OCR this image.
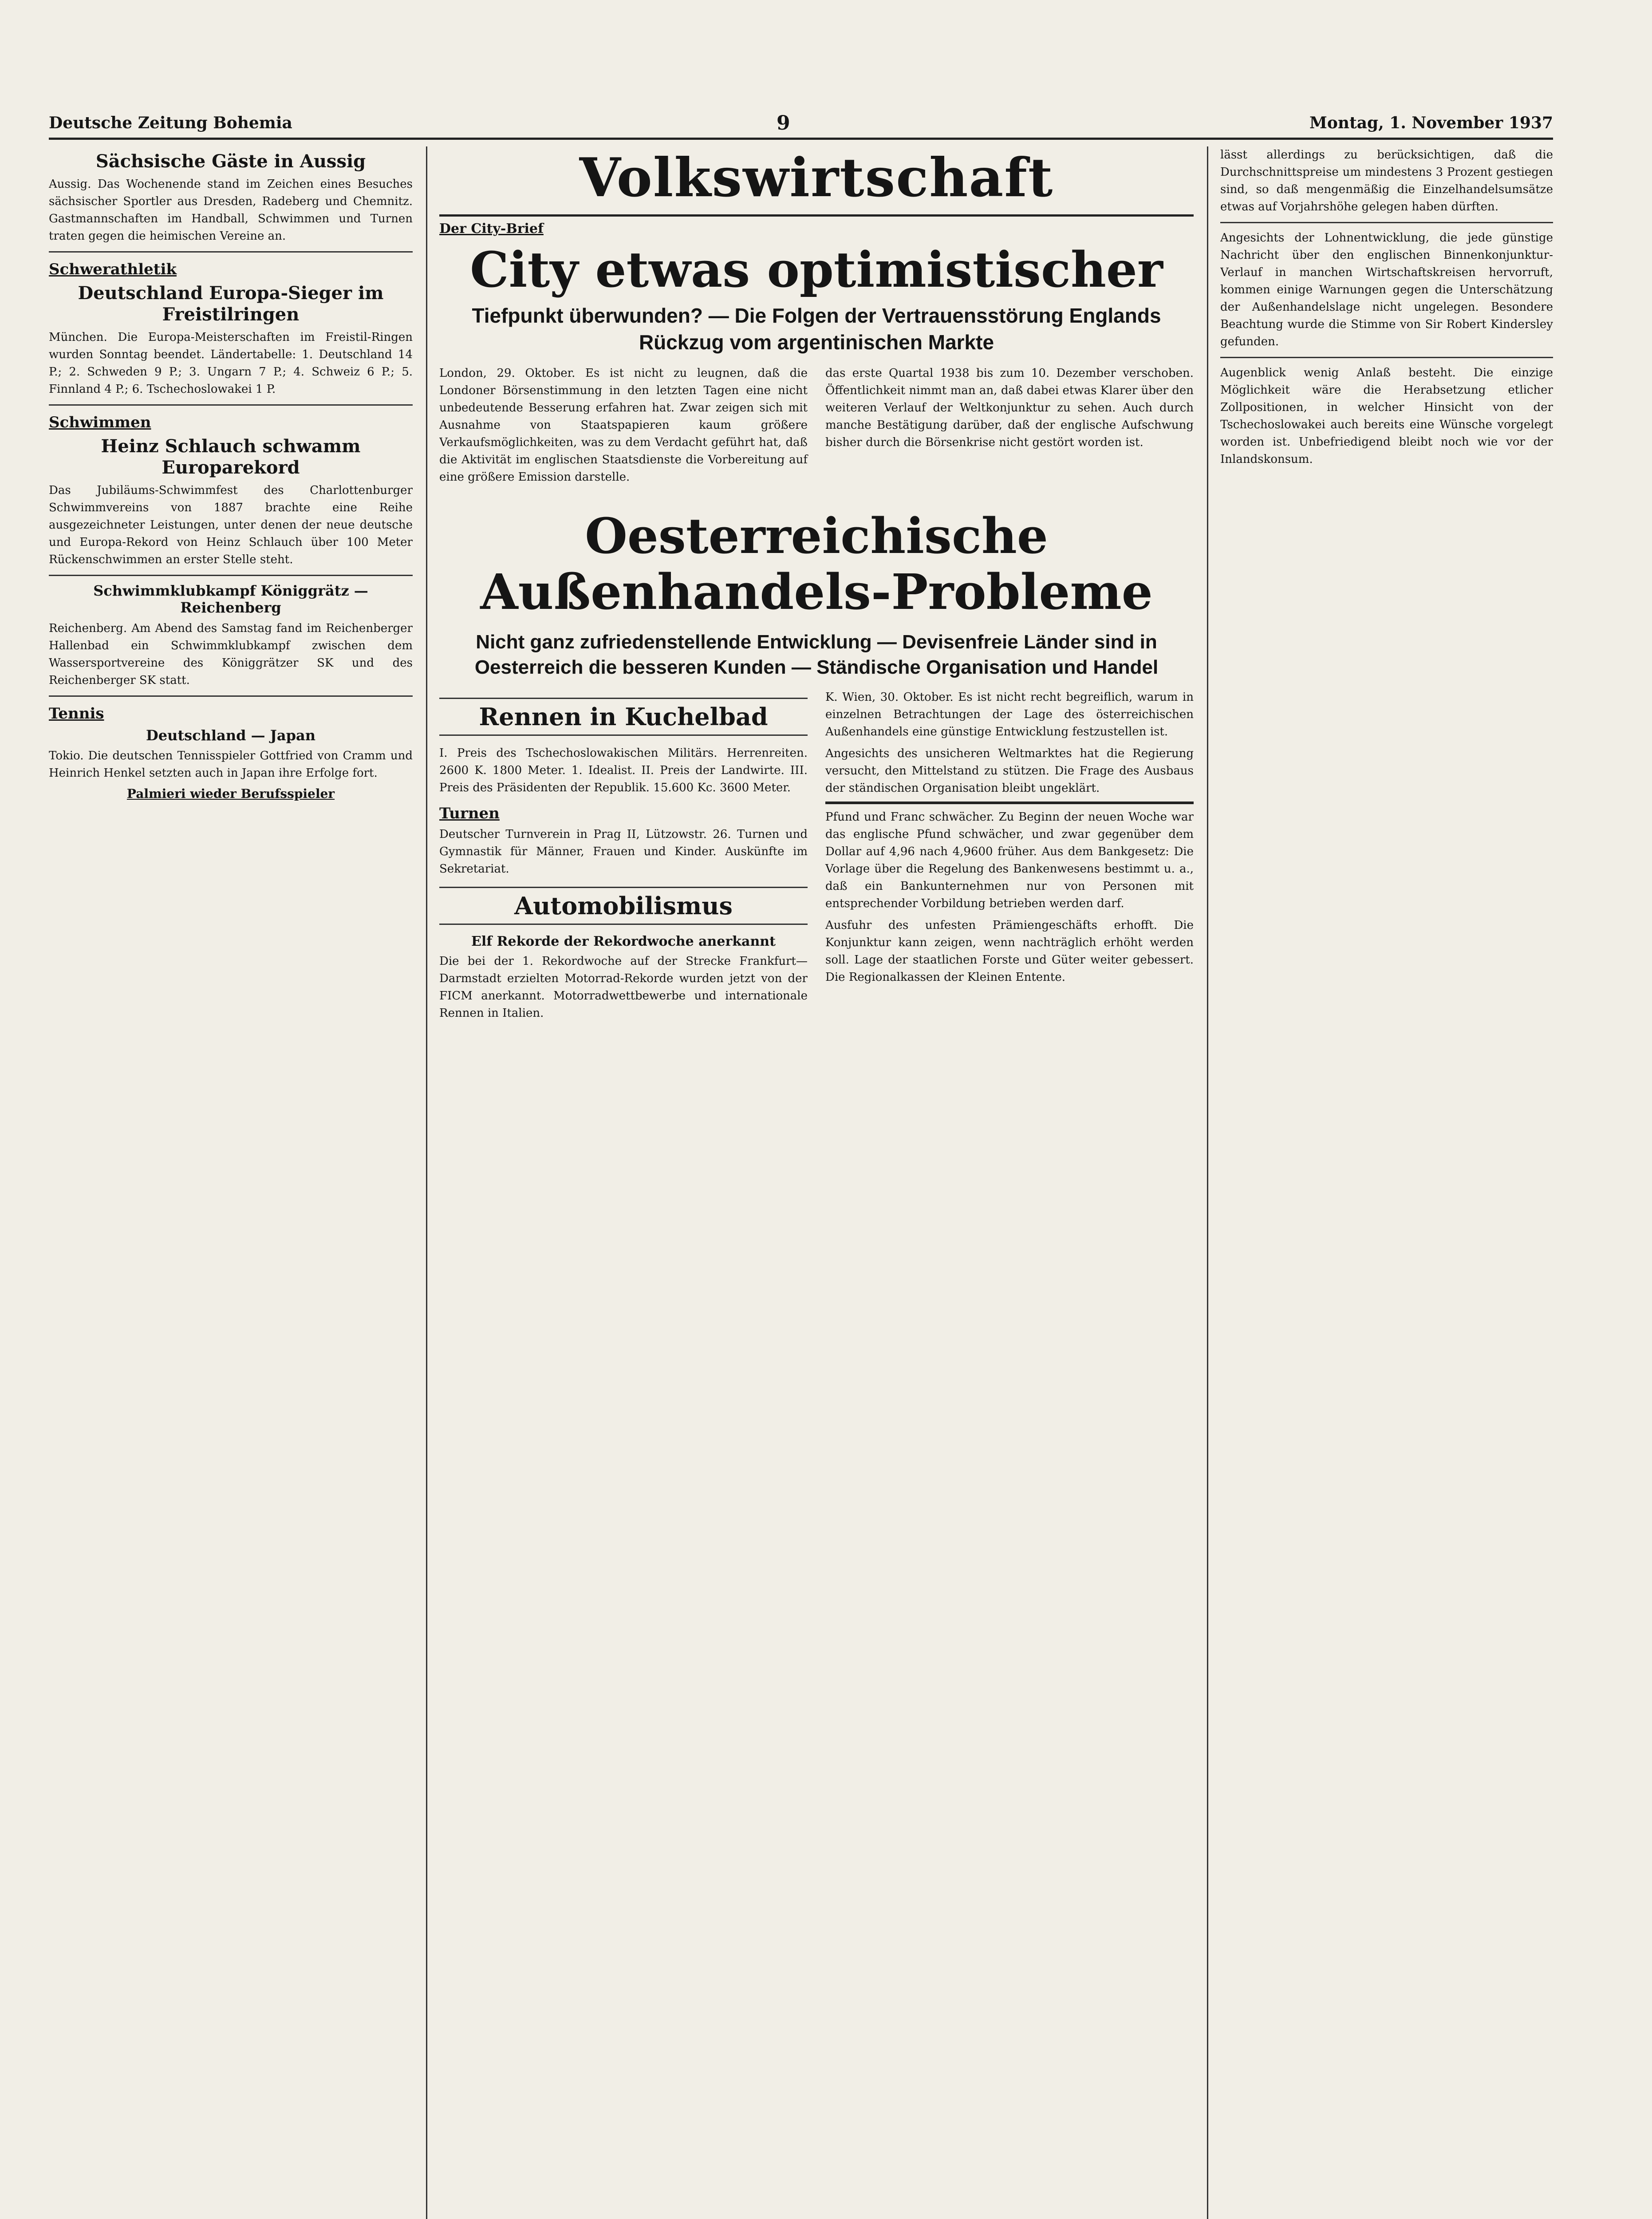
Deutsche Zeitung Bohemia	9	Montag, 1. November 1937
Sächsische Gäste in Aussig

Aussig. Das Wochenende stand im Zeichen eines Besuches sächsischer Sportler aus Dresden, Radeberg und Chemnitz. Gastmannschaften im Handball, Schwimmen und Turnen traten gegen die heimischen Vereine an.

Schwerathletik
Deutschland Europa-Sieger im Freistilringen

München. Die Europa-Meisterschaften im Freistil-Ringen wurden Sonntag beendet. Ländertabelle: 1. Deutschland 14 P.; 2. Schweden 9 P.; 3. Ungarn 7 P.; 4. Schweiz 6 P.; 5. Finnland 4 P.; 6. Tschechoslowakei 1 P.

Schwimmen
Heinz Schlauch schwamm Europarekord

Das Jubiläums-Schwimmfest des Charlottenburger Schwimmvereins von 1887 brachte eine Reihe ausgezeichneter Leistungen, unter denen der neue deutsche und Europa-Rekord von Heinz Schlauch über 100 Meter Rückenschwimmen an erster Stelle steht.

Schwimmklubkampf Königgrätz — Reichenberg

Reichenberg. Am Abend des Samstag fand im Reichenberger Hallenbad ein Schwimmklubkampf zwischen dem Wassersportvereine des Königgrätzer SK und des Reichenberger SK statt.

Tennis
Deutschland — Japan

Tokio. Die deutschen Tennisspieler Gottfried von Cramm und Heinrich Henkel setzten auch in Japan ihre Erfolge fort.

Palmieri wieder Berufsspieler
Volkswirtschaft
Der City-Brief
City etwas optimistischer
Tiefpunkt überwunden? — Die Folgen der Vertrauensstörung Englands Rückzug vom argentinischen Markte

London, 29. Oktober. Es ist nicht zu leugnen, daß die Londoner Börsenstimmung in den letzten Tagen eine nicht unbedeutende Besserung erfahren hat. Zwar zeigen sich mit Ausnahme von Staatspapieren kaum größere Verkaufsmöglichkeiten, was zu dem Verdacht geführt hat, daß die Aktivität im englischen Staatsdienste die Vorbereitung auf eine größere Emission darstelle.

das erste Quartal 1938 bis zum 10. Dezember verschoben. Öffentlichkeit nimmt man an, daß dabei etwas Klarer über den weiteren Verlauf der Weltkonjunktur zu sehen. Auch durch manche Bestätigung darüber, daß der englische Aufschwung bisher durch die Börsenkrise nicht gestört worden ist.

Oesterreichische Außenhandels-Probleme
Nicht ganz zufriedenstellende Entwicklung — Devisenfreie Länder sind in Oesterreich die besseren Kunden — Ständische Organisation und Handel
Rennen in Kuchelbad

I. Preis des Tschechoslowakischen Militärs. Herrenreiten. 2600 K. 1800 Meter. 1. Idealist. II. Preis der Landwirte. III. Preis des Präsidenten der Republik. 15.600 Kc. 3600 Meter.

Turnen

Deutscher Turnverein in Prag II, Lützowstr. 26. Turnen und Gymnastik für Männer, Frauen und Kinder. Auskünfte im Sekretariat.

Automobilismus
Elf Rekorde der Rekordwoche anerkannt

Die bei der 1. Rekordwoche auf der Strecke Frankfurt—Darmstadt erzielten Motorrad-Rekorde wurden jetzt von der FICM anerkannt. Motorradwettbewerbe und internationale Rennen in Italien.

K. Wien, 30. Oktober. Es ist nicht recht begreiflich, warum in einzelnen Betrachtungen der Lage des österreichischen Außenhandels eine günstige Entwicklung festzustellen ist.

Angesichts des unsicheren Weltmarktes hat die Regierung versucht, den Mittelstand zu stützen. Die Frage des Ausbaus der ständischen Organisation bleibt ungeklärt.

Pfund und Franc schwächer. Zu Beginn der neuen Woche war das englische Pfund schwächer, und zwar gegenüber dem Dollar auf 4,96 nach 4,9600 früher. Aus dem Bankgesetz: Die Vorlage über die Regelung des Bankenwesens bestimmt u. a., daß ein Bankunternehmen nur von Personen mit entsprechender Vorbildung betrieben werden darf.

Ausfuhr des unfesten Prämiengeschäfts erhofft. Die Konjunktur kann zeigen, wenn nachträglich erhöht werden soll. Lage der staatlichen Forste und Güter weiter gebessert. Die Regionalkassen der Kleinen Entente.

lässt allerdings zu berücksichtigen, daß die Durchschnittspreise um mindestens 3 Prozent gestiegen sind, so daß mengenmäßig die Einzelhandelsumsätze etwas auf Vorjahrshöhe gelegen haben dürften.

Angesichts der Lohnentwicklung, die jede günstige Nachricht über den englischen Binnenkonjunktur-Verlauf in manchen Wirtschaftskreisen hervorruft, kommen einige Warnungen gegen die Unterschätzung der Außenhandelslage nicht ungelegen. Besondere Beachtung wurde die Stimme von Sir Robert Kindersley gefunden.

Augenblick wenig Anlaß besteht. Die einzige Möglichkeit wäre die Herabsetzung etlicher Zollpositionen, in welcher Hinsicht von der Tschechoslowakei auch bereits eine Wünsche vorgelegt worden ist. Unbefriedigend bleibt noch wie vor der Inlandskonsum.
